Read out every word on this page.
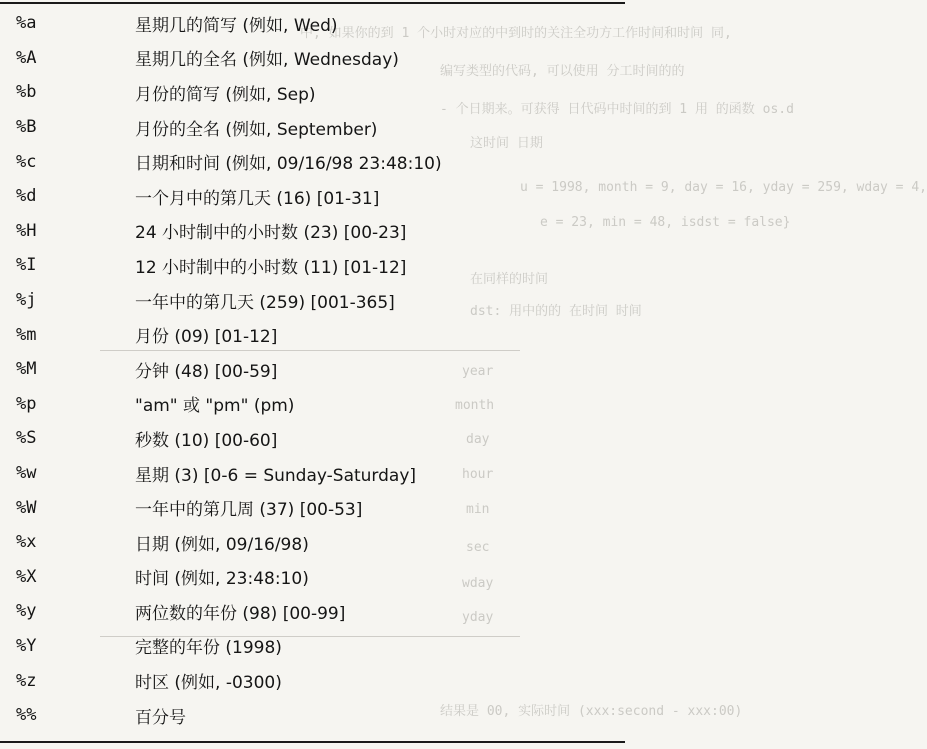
中, 如果你的到 1 个小时对应的中到时的关注全功方工作时间和时间 同,
编写类型的代码, 可以使用 分工时间的的
- 个日期来。可获得 日代码中时间的到 1 用 的函数 os.d
这时间 日期
u = 1998, month = 9, day = 16, yday = 259, wday = 4,
e = 23, min = 48, isdst = false}
在同样的时间
dst: 用中的的 在时间 时间
year
month
day
hour
min
sec
wday
yday
结果是 00, 实际时间 (xxx:second - xxx:00)
%a	星期几的简写 (例如, Wed)
%A	星期几的全名 (例如, Wednesday)
%b	月份的简写 (例如, Sep)
%B	月份的全名 (例如, September)
%c	日期和时间 (例如, 09/16/98 23:48:10)
%d	一个月中的第几天 (16) [01-31]
%H	24 小时制中的小时数 (23) [00-23]
%I	12 小时制中的小时数 (11) [01-12]
%j	一年中的第几天 (259) [001-365]
%m	月份 (09) [01-12]
%M	分钟 (48) [00-59]
%p	"am" 或 "pm" (pm)
%S	秒数 (10) [00-60]
%w	星期 (3) [0-6 = Sunday-Saturday]
%W	一年中的第几周 (37) [00-53]
%x	日期 (例如, 09/16/98)
%X	时间 (例如, 23:48:10)
%y	两位数的年份 (98) [00-99]
%Y	完整的年份 (1998)
%z	时区 (例如, -0300)
%%	百分号
